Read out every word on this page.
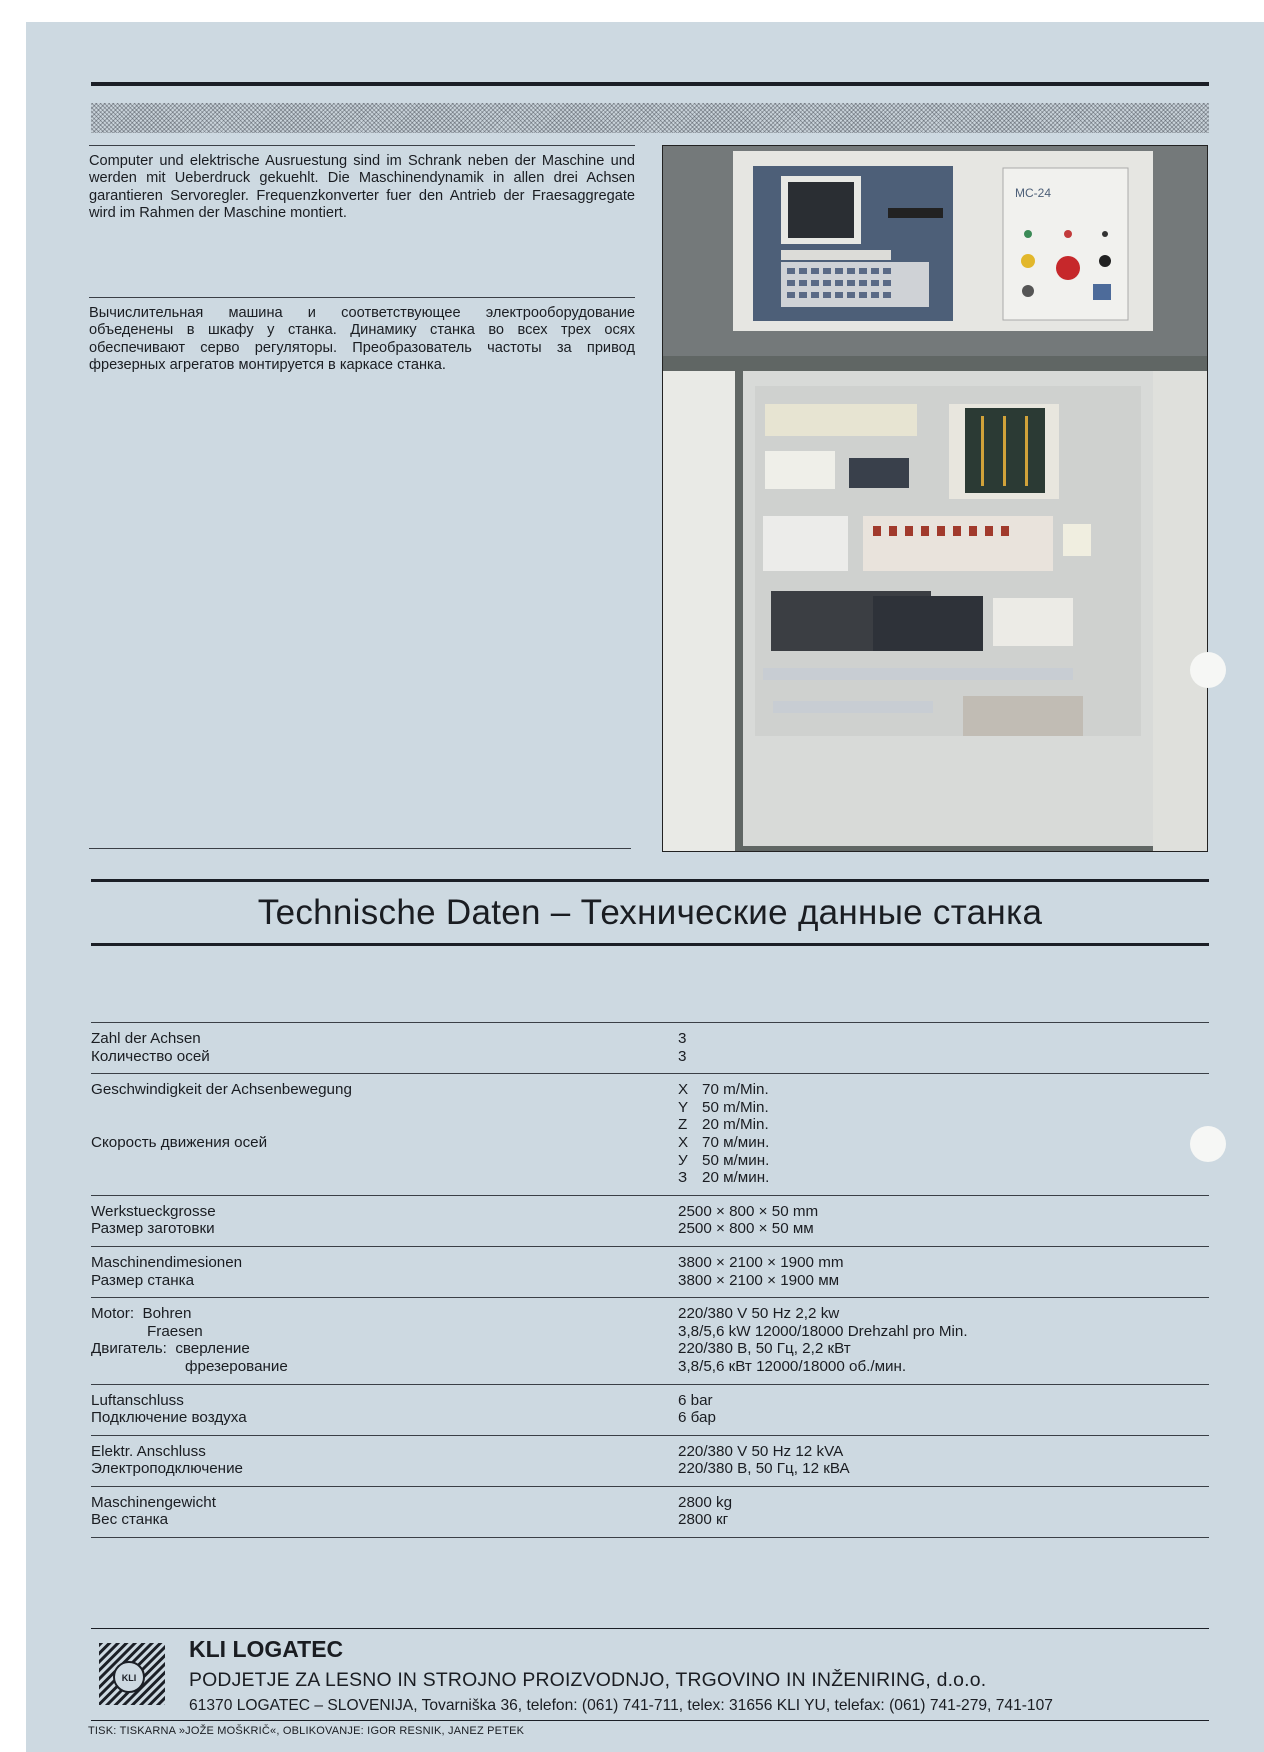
Computer und elektrische Ausruestung sind im Schrank neben der Maschine und werden mit Ueberdruck gekuehlt. Die Maschinendynamik in allen drei Achsen garantieren Servoregler. Frequenzkonverter fuer den Antrieb der Fraesaggregate wird im Rahmen der Maschine montiert.

Вычислительная машина и соответствующее электрооборудование объеденены в шкафу у станка. Динамику станка во всех трех осях обеспечивают серво регуляторы. Преобразователь частоты за привод фрезерных агрегатов монтируется в каркасе станка.

MC-24
Technische Daten – Технические данные станка
Zahl der Achsen
Количество осей
3
3
Geschwindigkeit der Achsenbewegung
Скорость движения осей
X 70 m/Min.
Y 50 m/Min.
Z 20 m/Min.
X 70 м/мин.
У 50 м/мин.
З 20 м/мин.
Werkstueckgrosse
Размер заготовки
2500 × 800 × 50 mm
2500 × 800 × 50 мм
Maschinendimesionen
Размер станка
3800 × 2100 × 1900 mm
3800 × 2100 × 1900 мм
Motor:  Bohren
Fraesen
Двигатель:  сверление
фрезерование
220/380 V 50 Hz 2,2 kw
3,8/5,6 kW 12000/18000 Drehzahl pro Min.
220/380 В, 50 Гц, 2,2 кВт
3,8/5,6 кВт 12000/18000 об./мин.
Luftanschluss
Подключение воздуха
6 bar
6 бар
Elektr. Anschluss
Электроподключение
220/380 V 50 Hz 12 kVA
220/380 В, 50 Гц, 12 кВА
Maschinengewicht
Вес станка
2800 kg
2800 кг
KLI

KLI LOGATEC

PODJETJE ZA LESNO IN STROJNO PROIZVODNJO, TRGOVINO IN INŽENIRING, d.o.o.

61370 LOGATEC – SLOVENIJA, Tovarniška 36, telefon: (061) 741-711, telex: 31656 KLI YU, telefax: (061) 741-279, 741-107

TISK: TISKARNA »JOŽE MOŠKRIČ«, OBLIKOVANJE: IGOR RESNIK, JANEZ PETEK
